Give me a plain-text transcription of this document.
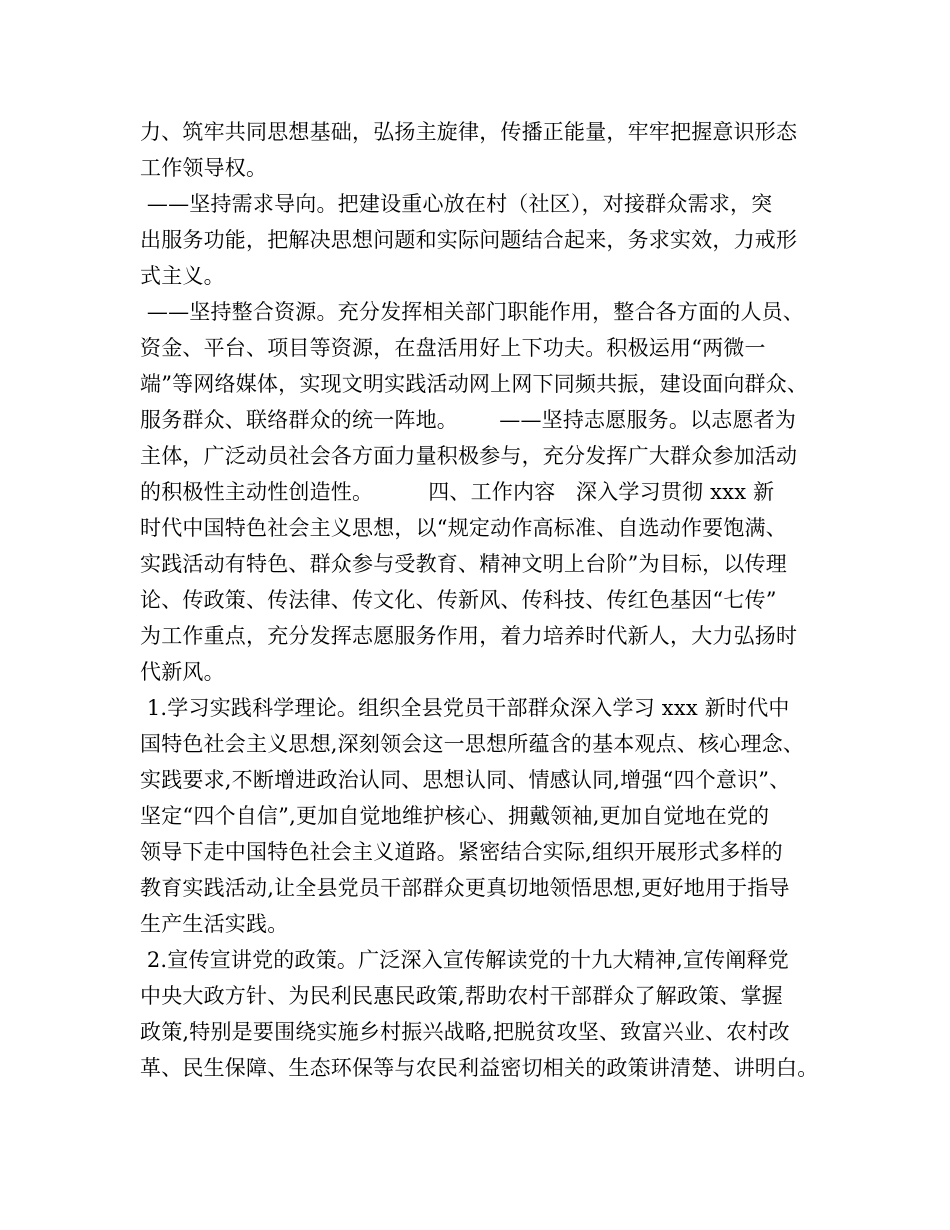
力、筑牢共同思想基础，弘扬主旋律，传播正能量，牢牢把握意识形态
工作领导权。
——坚持需求导向。把建设重心放在村（社区），对接群众需求，突
出服务功能，把解决思想问题和实际问题结合起来，务求实效，力戒形
式主义。
——坚持整合资源。充分发挥相关部门职能作用，整合各方面的人员、
资金、平台、项目等资源，在盘活用好上下功夫。积极运用“两微一
端”等网络媒体，实现文明实践活动网上网下同频共振，建设面向群众、
服务群众、联络群众的统一阵地。      ——坚持志愿服务。以志愿者为
主体，广泛动员社会各方面力量积极参与，充分发挥广大群众参加活动
的积极性主动性创造性。        四、工作内容   深入学习贯彻 xxx 新
时代中国特色社会主义思想，以“规定动作高标准、自选动作要饱满、
实践活动有特色、群众参与受教育、精神文明上台阶”为目标，以传理
论、传政策、传法律、传文化、传新风、传科技、传红色基因“七传”
为工作重点，充分发挥志愿服务作用，着力培养时代新人，大力弘扬时
代新风。
1.学习实践科学理论。组织全县党员干部群众深入学习 xxx 新时代中
国特色社会主义思想,深刻领会这一思想所蕴含的基本观点、核心理念、
实践要求,不断增进政治认同、思想认同、情感认同,增强“四个意识”、
坚定“四个自信”,更加自觉地维护核心、拥戴领袖,更加自觉地在党的
领导下走中国特色社会主义道路。紧密结合实际,组织开展形式多样的
教育实践活动,让全县党员干部群众更真切地领悟思想,更好地用于指导
生产生活实践。
2.宣传宣讲党的政策。广泛深入宣传解读党的十九大精神,宣传阐释党
中央大政方针、为民利民惠民政策,帮助农村干部群众了解政策、掌握
政策,特别是要围绕实施乡村振兴战略,把脱贫攻坚、致富兴业、农村改
革、民生保障、生态环保等与农民利益密切相关的政策讲清楚、讲明白。
